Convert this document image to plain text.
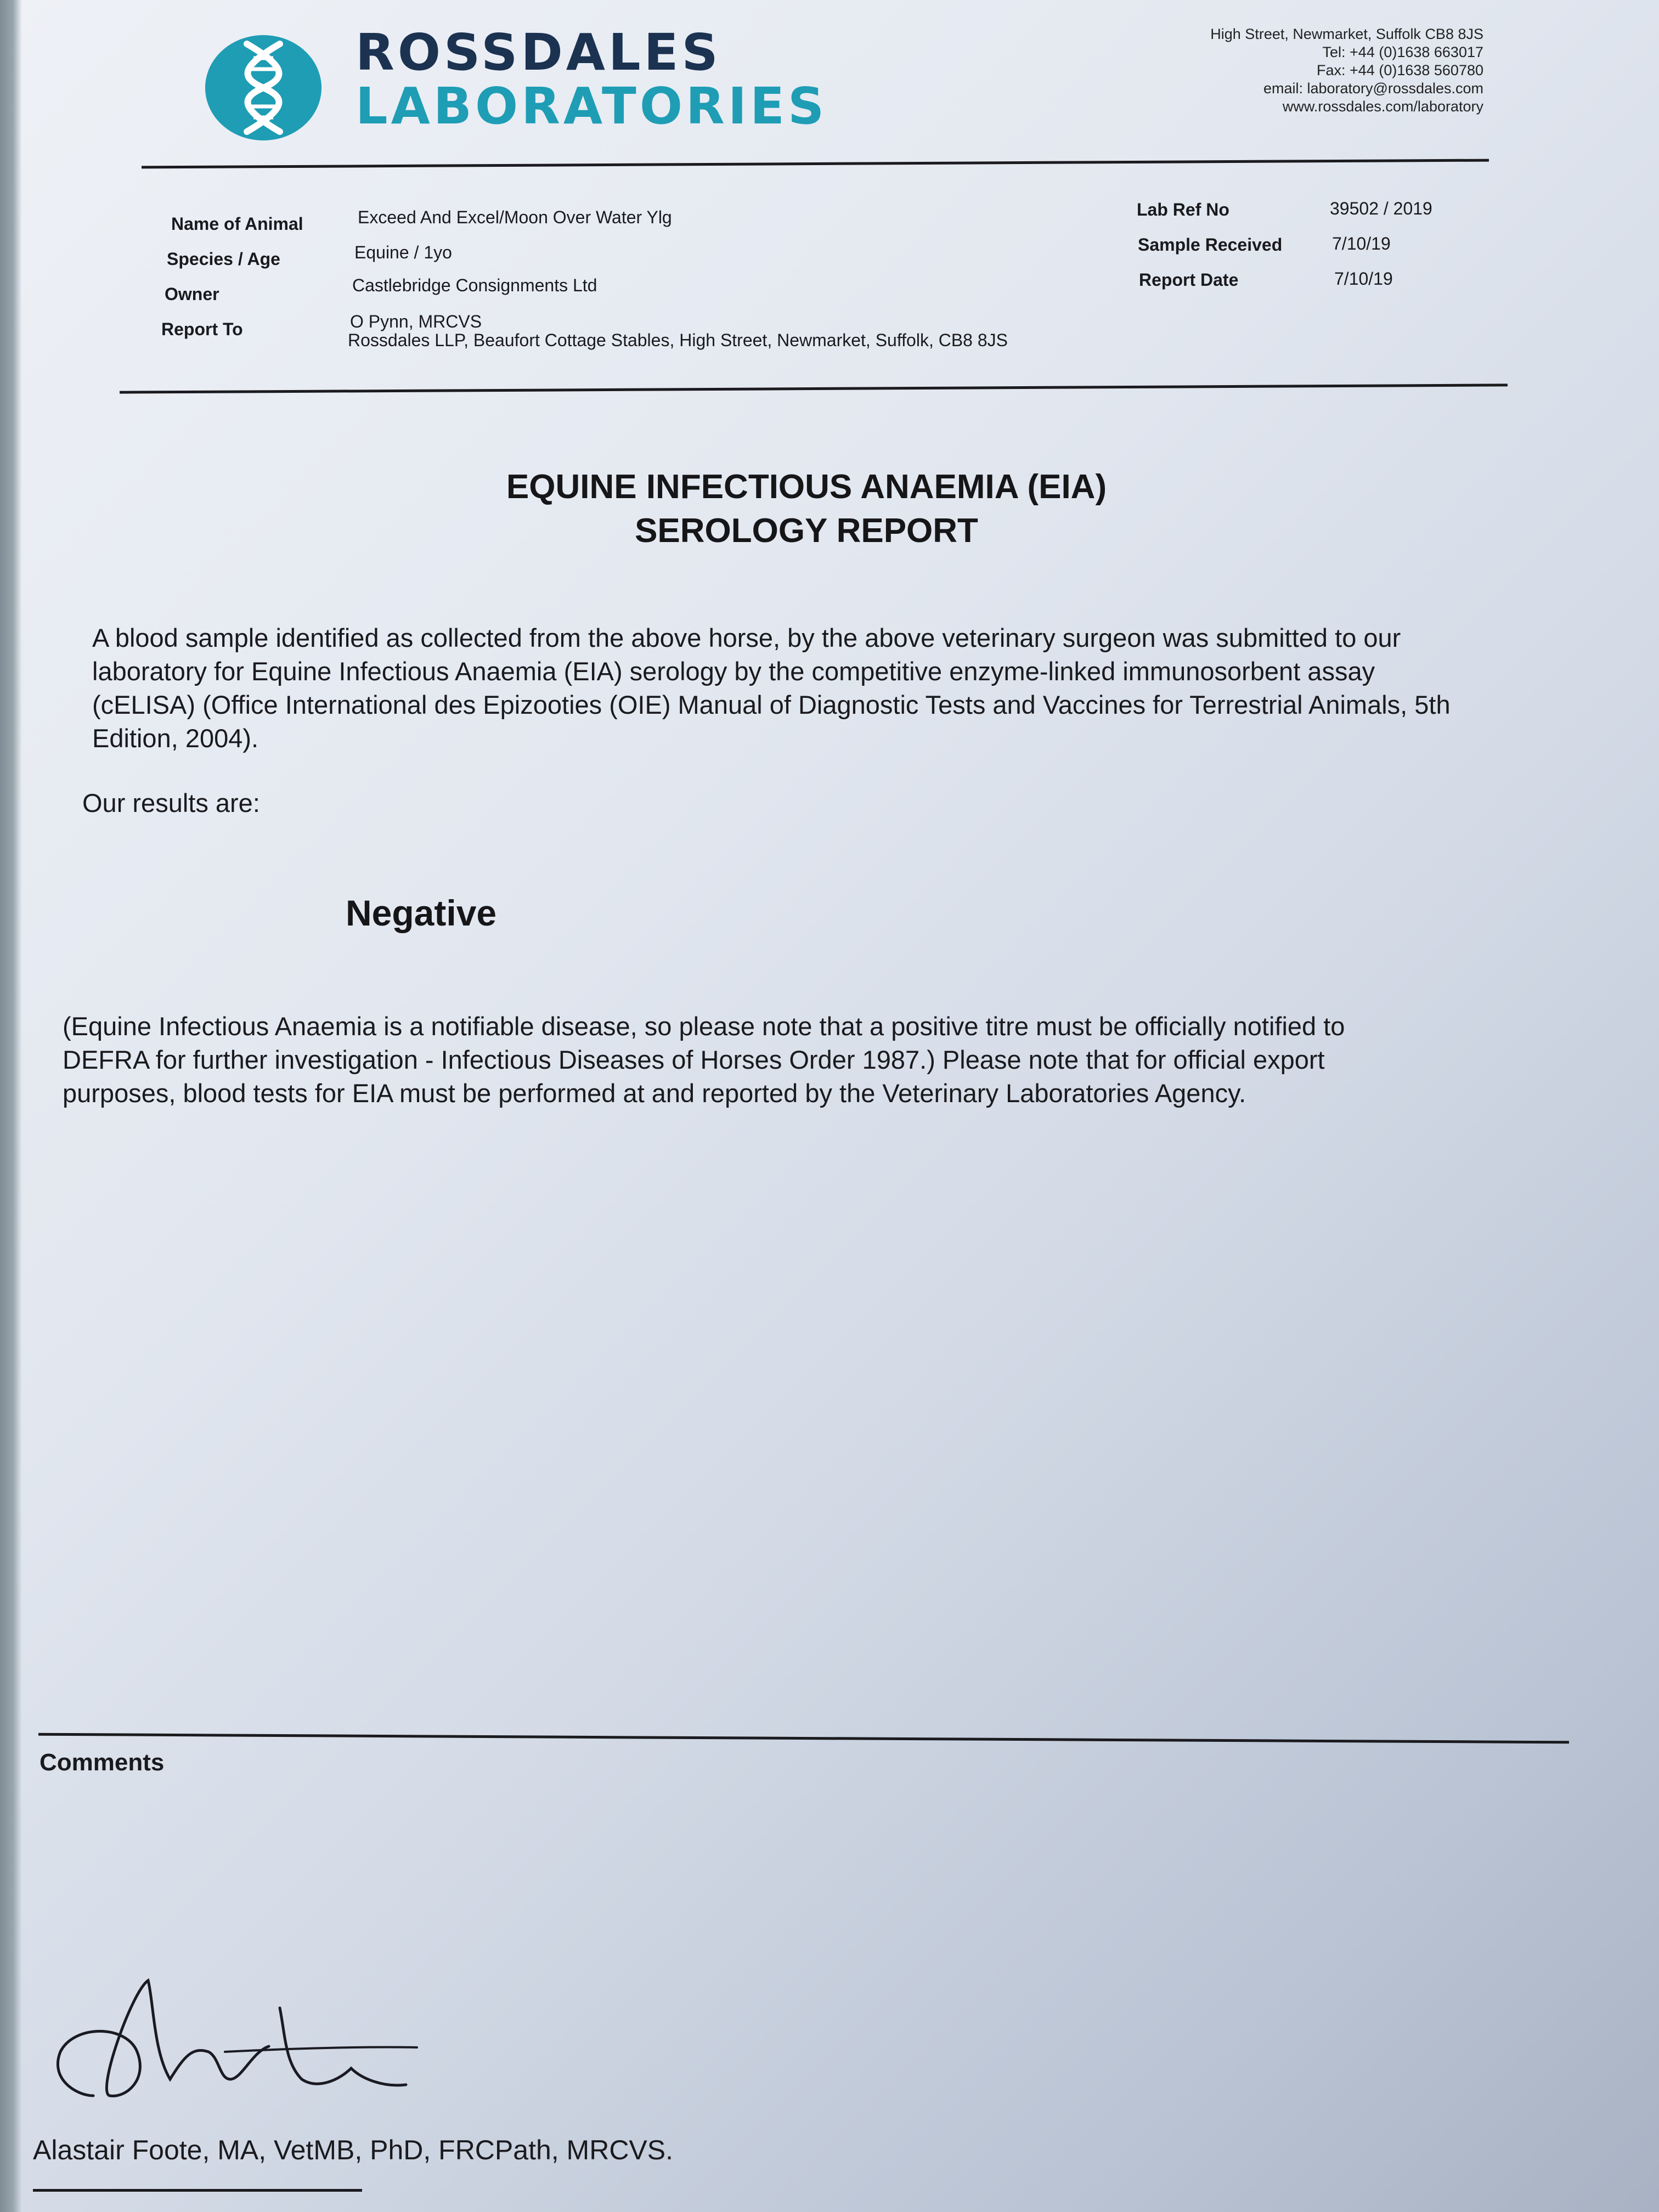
ROSSDALES
LABORATORIES
High Street, Newmarket, Suffolk CB8 8JS
Tel: +44 (0)1638 663017
Fax: +44 (0)1638 560780
email: laboratory@rossdales.com
www.rossdales.com/laboratory
Name of Animal	Exceed And Excel/Moon Over Water Ylg
Species / Age	Equine / 1yo
Owner	Castlebridge Consignments Ltd
Report To	O Pynn, MRCVS
Rossdales LLP, Beaufort Cottage Stables, High Street, Newmarket, Suffolk, CB8 8JS
Lab Ref No	39502 / 2019
Sample Received	7/10/19
Report Date	7/10/19
EQUINE INFECTIOUS ANAEMIA (EIA)
SEROLOGY REPORT
A blood sample identified as collected from the above horse, by the above veterinary surgeon was submitted to our
laboratory for Equine Infectious Anaemia (EIA) serology by the competitive enzyme-linked immunosorbent assay
(cELISA) (Office International des Epizooties (OIE) Manual of Diagnostic Tests and Vaccines for Terrestrial Animals, 5th
Edition, 2004).
Our results are:
Negative
(Equine Infectious Anaemia is a notifiable disease, so please note that a positive titre must be officially notified to
DEFRA for further investigation - Infectious Diseases of Horses Order 1987.) Please note that for official export
purposes, blood tests for EIA must be performed at and reported by the Veterinary Laboratories Agency.
Comments
Alastair Foote, MA, VetMB, PhD, FRCPath, MRCVS.
